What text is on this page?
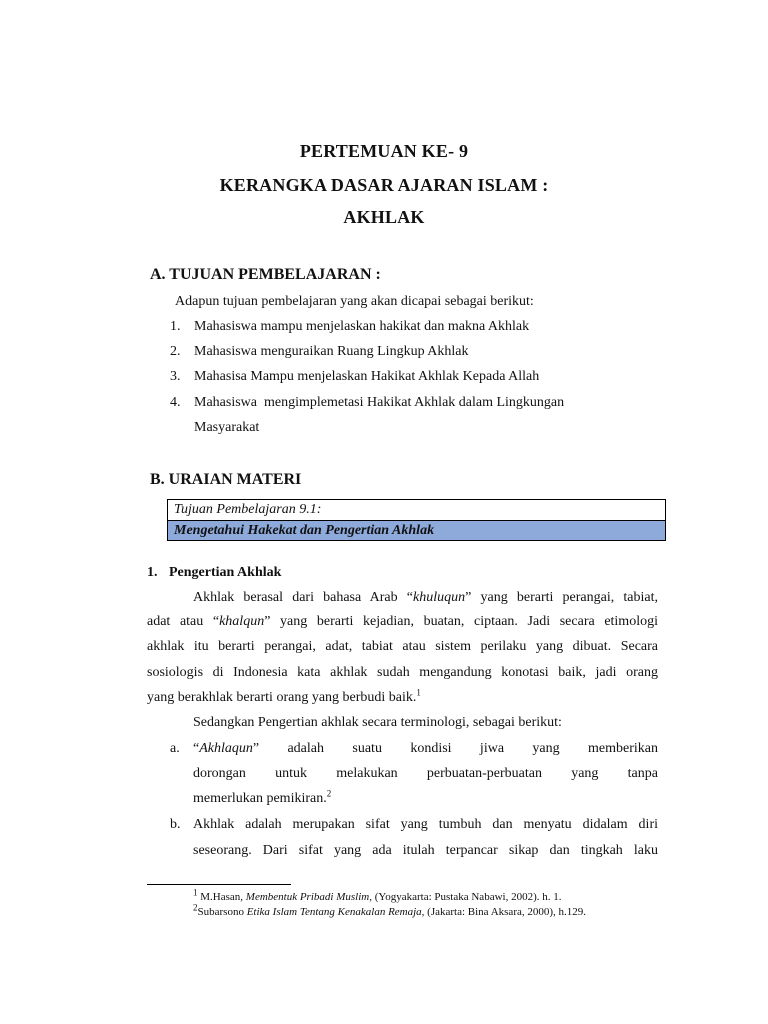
PERTEMUAN KE- 9
KERANGKA DASAR AJARAN ISLAM :
AKHLAK
A. TUJUAN PEMBELAJARAN :
Adapun tujuan pembelajaran yang akan dicapai sebagai berikut:
1. Mahasiswa mampu menjelaskan hakikat dan makna Akhlak
2. Mahasiswa menguraikan Ruang Lingkup Akhlak
3. Mahasisa Mampu menjelaskan Hakikat Akhlak Kepada Allah
4. Mahasiswa  mengimplemetasi Hakikat Akhlak dalam Lingkungan
Masyarakat
B. URAIAN MATERI
Tujuan Pembelajaran 9.1:
Mengetahui Hakekat dan Pengertian Akhlak
1. Pengertian Akhlak
Akhlak berasal dari bahasa Arab “khuluqun” yang berarti perangai, tabiat,
adat atau “khalqun” yang berarti kejadian, buatan, ciptaan. Jadi secara etimologi
akhlak itu berarti perangai, adat, tabiat atau sistem perilaku yang dibuat. Secara
sosiologis di Indonesia kata akhlak sudah mengandung konotasi baik, jadi orang
yang berakhlak berarti orang yang berbudi baik.$^1$
Sedangkan Pengertian akhlak secara terminologi, sebagai berikut:
a. “Akhlaqun” adalah suatu kondisi jiwa yang memberikan
dorongan untuk melakukan perbuatan-perbuatan yang tanpa
memerlukan pemikiran.$^2$
b. Akhlak adalah merupakan sifat yang tumbuh dan menyatu didalam diri
seseorang. Dari sifat yang ada itulah terpancar sikap dan tingkah laku
$^1$ M.Hasan, Membentuk Pribadi Muslim, (Yogyakarta: Pustaka Nabawi, 2002). h. 1.
$^2$Subarsono Etika Islam Tentang Kenakalan Remaja, (Jakarta: Bina Aksara, 2000), h.129.
